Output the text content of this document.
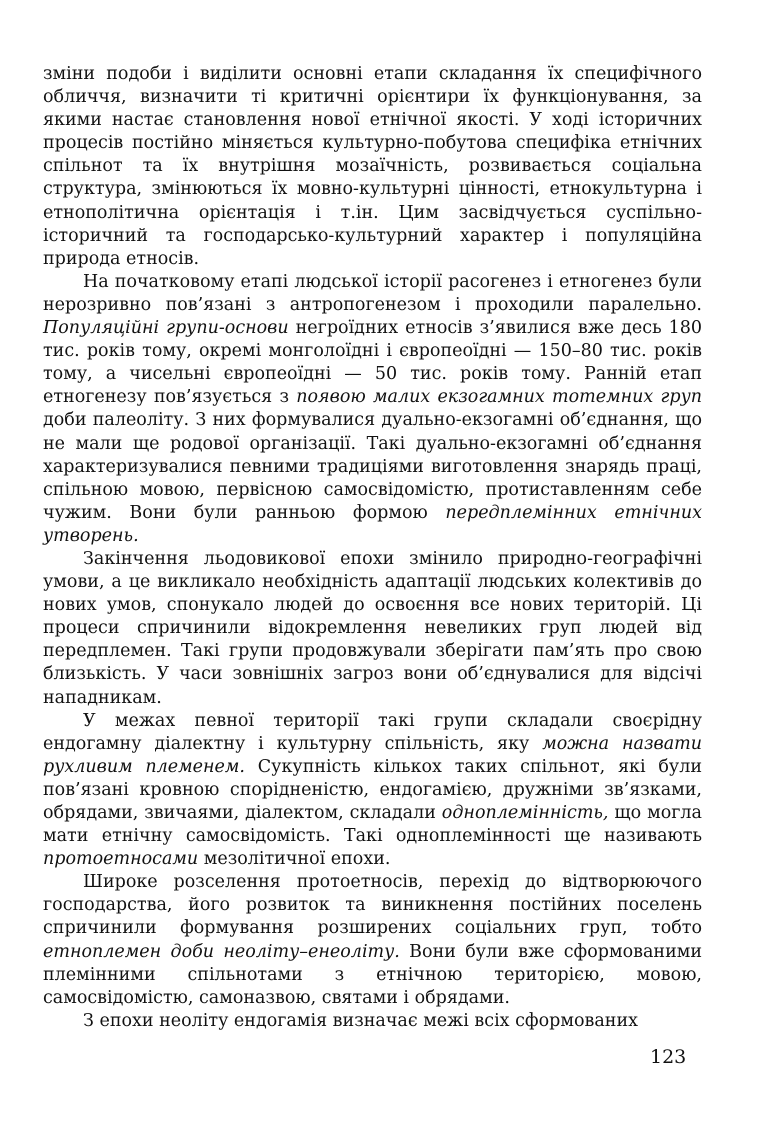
зміни подоби і виділити основні етапи складання їх специфічного обличчя, визначити ті критичні орієнтири їх функціонування, за якими настає становлення нової етнічної якості. У ході історичних процесів постійно міняється культурно-побутова специфіка етнічних спільнот та їх внутрішня мозаїчність, розвивається соціальна структура, змінюються їх мовно-культурні цінності, етнокультурна і етнополітична орієнтація і т.ін. Цим засвідчується суспільно-історичний та господарсько-культурний характер і популяційна природа етносів.

На початковому етапі людської історії расогенез і етногенез були нерозривно пов’язані з антропогенезом і проходили паралельно. Популяційні групи-основи негроїдних етносів з’явилися вже десь 180 тис. років тому, окремі монголоїдні і європеоїдні — 150–80 тис. років тому, а чисельні європеоїдні — 50 тис. років тому. Ранній етап етногенезу пов’язується з появою малих екзогамних тотемних груп доби палеоліту. З них формувалися дуально-екзогамні об’єднання, що не мали ще родової організації. Такі дуально-екзогамні об’єднання характеризувалися певними традиціями виготовлення знарядь праці, спільною мовою, первісною самосвідомістю, протиставленням себе чужим. Вони були ранньою формою передплемінних етнічних утворень.

Закінчення льодовикової епохи змінило природно-географічні умови, а це викликало необхідність адаптації людських колективів до нових умов, спонукало людей до освоєння все нових територій. Ці процеси спричинили відокремлення невеликих груп людей від передплемен. Такі групи продовжували зберігати пам’ять про свою близькість. У часи зовнішніх загроз вони об’єднувалися для відсічі нападникам.

У межах певної території такі групи складали своєрідну ендогамну діалектну і культурну спільність, яку можна назвати рухливим племенем. Сукупність кількох таких спільнот, які були пов’язані кровною спорідненістю, ендогамією, дружніми зв’язками, обрядами, звичаями, діалектом, складали одноплемінність, що могла мати етнічну самосвідомість. Такі одноплемінності ще називають протоетносами мезолітичної епохи.

Широке розселення протоетносів, перехід до відтворюючого господарства, його розвиток та виникнення постійних поселень спричинили формування розширених соціальних груп, тобто етноплемен доби неоліту–енеоліту. Вони були вже сформованими племінними спільнотами з етнічною територією, мовою, самосвідомістю, самоназвою, святами і обрядами.

З епохи неоліту ендогамія визначає межі всіх сформованих

123
